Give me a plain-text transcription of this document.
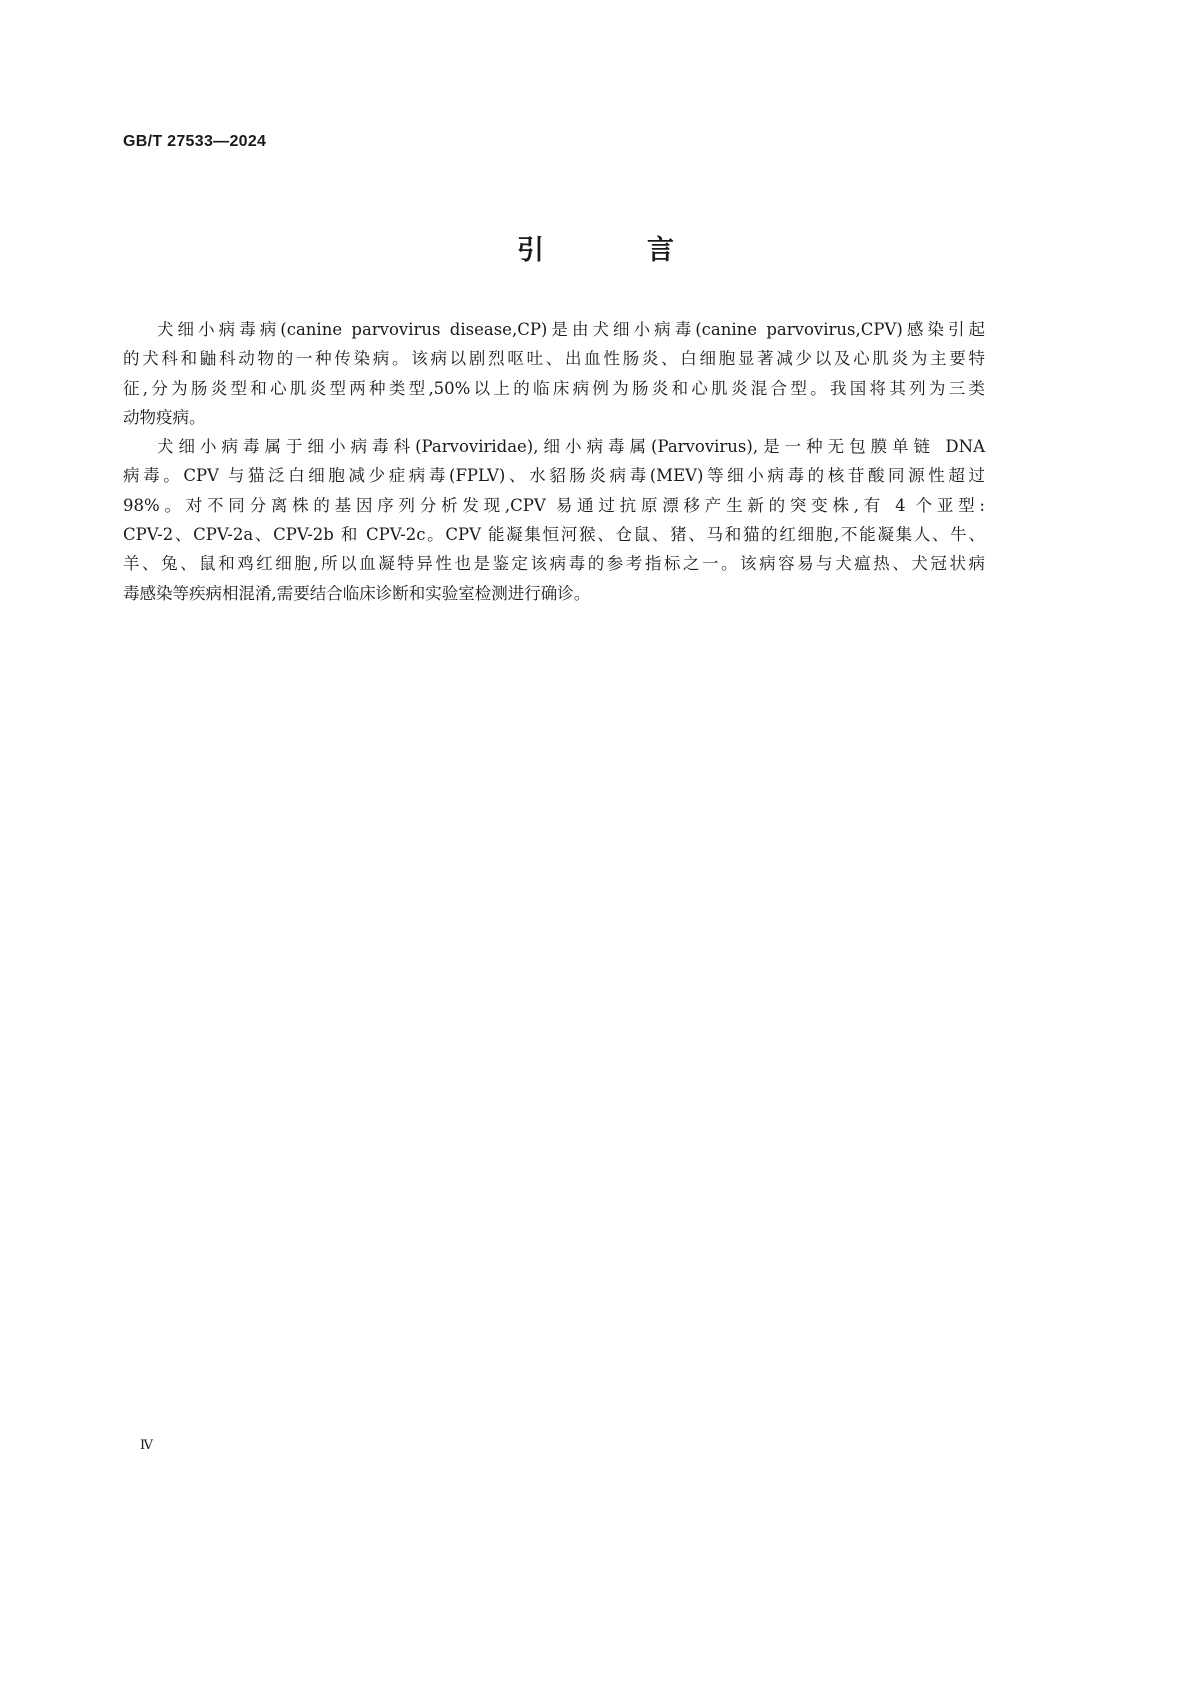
GB/T 27533—2024
引　言
犬细小病毒病(canine parvovirus disease,CP)是由犬细小病毒(canine parvovirus,CPV)感染引起
的犬科和鼬科动物的一种传染病。该病以剧烈呕吐、出血性肠炎、白细胞显著减少以及心肌炎为主要特
征,分为肠炎型和心肌炎型两种类型,50%以上的临床病例为肠炎和心肌炎混合型。我国将其列为三类
动物疫病。
犬细小病毒属于细小病毒科(Parvoviridae),细小病毒属(Parvovirus),是一种无包膜单链 DNA
病毒。CPV 与猫泛白细胞减少症病毒(FPLV)、水貂肠炎病毒(MEV)等细小病毒的核苷酸同源性超过
98%。对不同分离株的基因序列分析发现,CPV 易通过抗原漂移产生新的突变株,有 4 个亚型:
CPV-2、CPV-2a、CPV-2b 和 CPV-2c。CPV 能凝集恒河猴、仓鼠、猪、马和猫的红细胞,不能凝集人、牛、
羊、兔、鼠和鸡红细胞,所以血凝特异性也是鉴定该病毒的参考指标之一。该病容易与犬瘟热、犬冠状病
毒感染等疾病相混淆,需要结合临床诊断和实验室检测进行确诊。
Ⅳ
